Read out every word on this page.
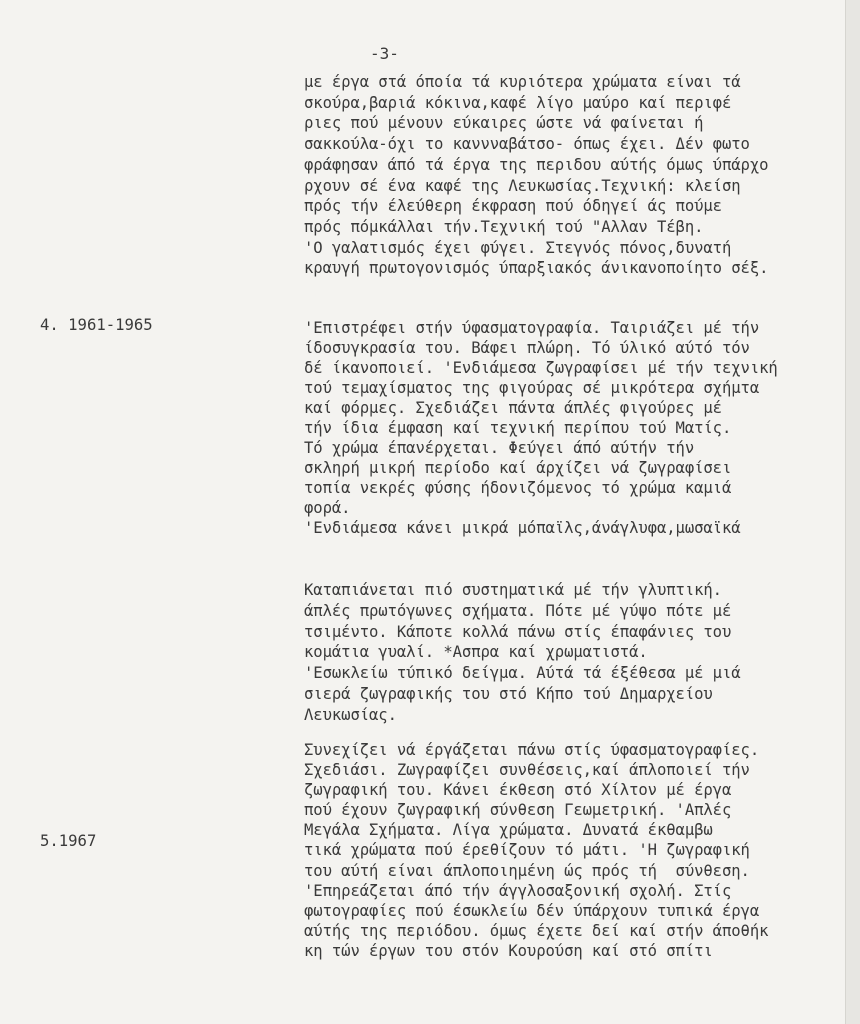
-3-
4. 1961-1965
5.1967
με έργα στά όποία τά κυριότερα χρώματα είναι τά
σκούρα,βαριά κόκινα,καφέ λίγο μαύρο καί περιφέ
ριες πού μένουν εύκαιρες ώστε νά φαίνεται ή
σακκούλα-όχι το καννναβάτσο- όπως έχει. Δέν φωτο
φράφησαν άπό τά έργα της περιδου αύτής όμως ύπάρχο
ρχουν σέ ένα καφέ της Λευκωσίας.Τεχνική: κλείση
πρός τήν έλεύθερη έκφραση πού όδηγεί άς πούμε
πρός πόμκάλλαι τήν.Τεχνική τού "Αλλαν Τέβη.
'Ο γαλατισμός έχει φύγει. Στεγνός πόνος,δυνατή
κραυγή πρωτογονισμός ύπαρξιακός άνικανοποίητο σέξ.
'Επιστρέφει στήν ύφασματογραφία. Ταιριάζει μέ τήν
ίδοσυγκρασία του. Βάφει πλώρη. Τό ύλικό αύτό τόν
δέ ίκανοποιεί. 'Ενδιάμεσα ζωγραφίσει μέ τήν τεχνική
τού τεμαχίσματος της φιγούρας σέ μικρότερα σχήμτα
καί φόρμες. Σχεδιάζει πάντα άπλές φιγούρες μέ
τήν ίδια έμφαση καί τεχνική περίπου τού Ματίς.
Τό χρώμα έπανέρχεται. Φεύγει άπό αύτήν τήν
σκληρή μικρή περίοδο καί άρχίζει νά ζωγραφίσει
τοπία νεκρές φύσης ήδονιζόμενος τό χρώμα καμιά
φορά.
'Ενδιάμεσα κάνει μικρά μόπαϊλς,άνάγλυφα,μωσαϊκά
Καταπιάνεται πιό συστηματικά μέ τήν γλυπτική.
άπλές πρωτόγωνες σχήματα. Πότε μέ γύψο πότε μέ
τσιμέντο. Κάποτε κολλά πάνω στίς έπαφάνιες του
κομάτια γυαλί. *Ασπρα καί χρωματιστά.
'Εσωκλείω τύπικό δείγμα. Αύτά τά έξέθεσα μέ μιά
σιερά ζωγραφικής του στό Κήπο τού Δημαρχείου
Λευκωσίας.
Συνεχίζει νά έργάζεται πάνω στίς ύφασματογραφίες.
Σχεδιάσι. Ζωγραφίζει συνθέσεις,καί άπλοποιεί τήν
ζωγραφική του. Κάνει έκθεση στό Χίλτον μέ έργα
πού έχουν ζωγραφική σύνθεση Γεωμετρική. 'Απλές
Μεγάλα Σχήματα. Λίγα χρώματα. Δυνατά έκθαμβω
τικά χρώματα πού έρεθίζουν τό μάτι. 'Η ζωγραφική
του αύτή είναι άπλοποιημένη ώς πρός τή  σύνθεση.
'Επηρεάζεται άπό τήν άγγλοσαξονική σχολή. Στίς
φωτογραφίες πού έσωκλείω δέν ύπάρχουν τυπικά έργα
αύτής της περιόδου. όμως έχετε δεί καί στήν άποθήκ
κη τών έργων του στόν Κουρούση καί στό σπίτι
